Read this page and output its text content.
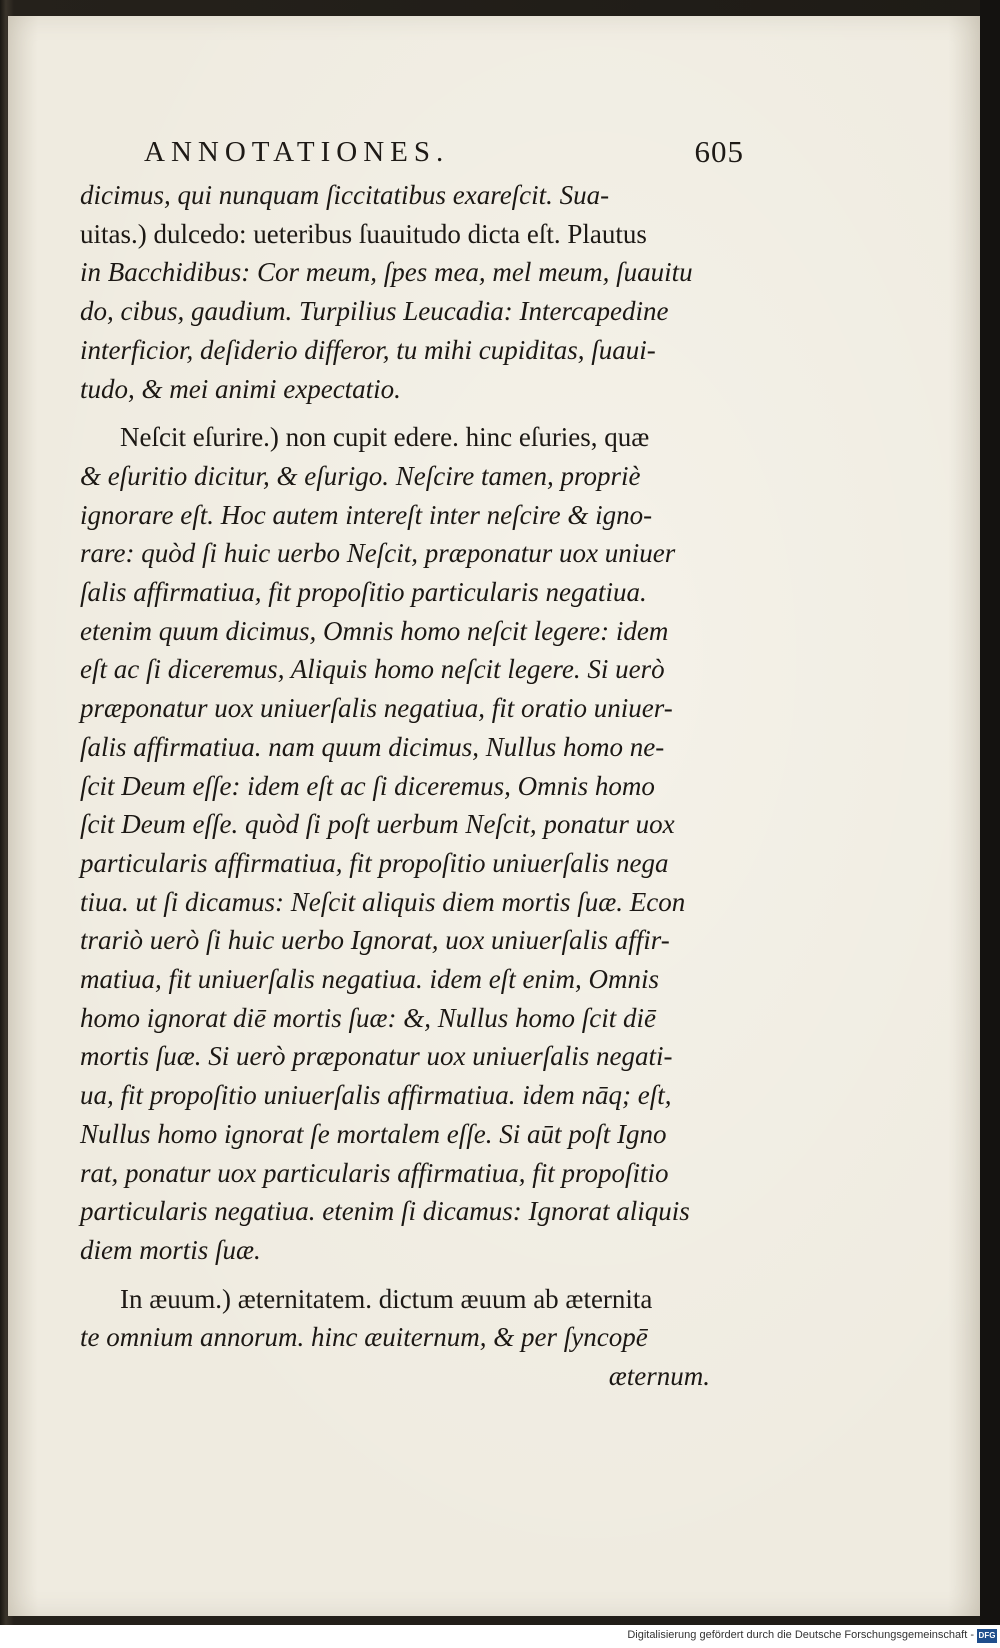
ANNOTATIONES.	605
dicimus, qui nunquam ſiccitatibus exareſcit. Sua-
uitas.) dulcedo: ueteribus ſuauitudo dicta eſt. Plautus
in Bacchidibus: Cor meum, ſpes mea, mel meum, ſuauitu
do, cibus, gaudium. Turpilius Leucadia: Intercapedine
interficior, deſiderio differor, tu mihi cupiditas, ſuaui-
tudo, & mei animi expectatio.
Neſcit eſurire.) non cupit edere. hinc eſuries, quæ
& eſuritio dicitur, & eſurigo. Neſcire tamen, propriè
ignorare eſt. Hoc autem intereſt inter neſcire & igno-
rare: quòd ſi huic uerbo Neſcit, præponatur uox uniuer
ſalis affirmatiua, fit propoſitio particularis negatiua.
etenim quum dicimus, Omnis homo neſcit legere: idem
eſt ac ſi diceremus, Aliquis homo neſcit legere. Si uerò
præponatur uox uniuerſalis negatiua, fit oratio uniuer-
ſalis affirmatiua. nam quum dicimus, Nullus homo ne-
ſcit Deum eſſe: idem eſt ac ſi diceremus, Omnis homo
ſcit Deum eſſe. quòd ſi poſt uerbum Neſcit, ponatur uox
particularis affirmatiua, fit propoſitio uniuerſalis nega
tiua. ut ſi dicamus: Neſcit aliquis diem mortis ſuæ. Econ
trariò uerò ſi huic uerbo Ignorat, uox uniuerſalis affir-
matiua, fit uniuerſalis negatiua. idem eſt enim, Omnis
homo ignorat diē mortis ſuæ: &, Nullus homo ſcit diē
mortis ſuæ. Si uerò præponatur uox uniuerſalis negati-
ua, fit propoſitio uniuerſalis affirmatiua. idem nāq; eſt,
Nullus homo ignorat ſe mortalem eſſe. Si aūt poſt Igno
rat, ponatur uox particularis affirmatiua, fit propoſitio
particularis negatiua. etenim ſi dicamus: Ignorat aliquis
diem mortis ſuæ.
In æuum.) æternitatem. dictum æuum ab æternita
te omnium annorum. hinc æuiternum, & per ſyncopē
æternum.
Digitalisierung gefördert durch die Deutsche Forschungsgemeinschaft - DFG
